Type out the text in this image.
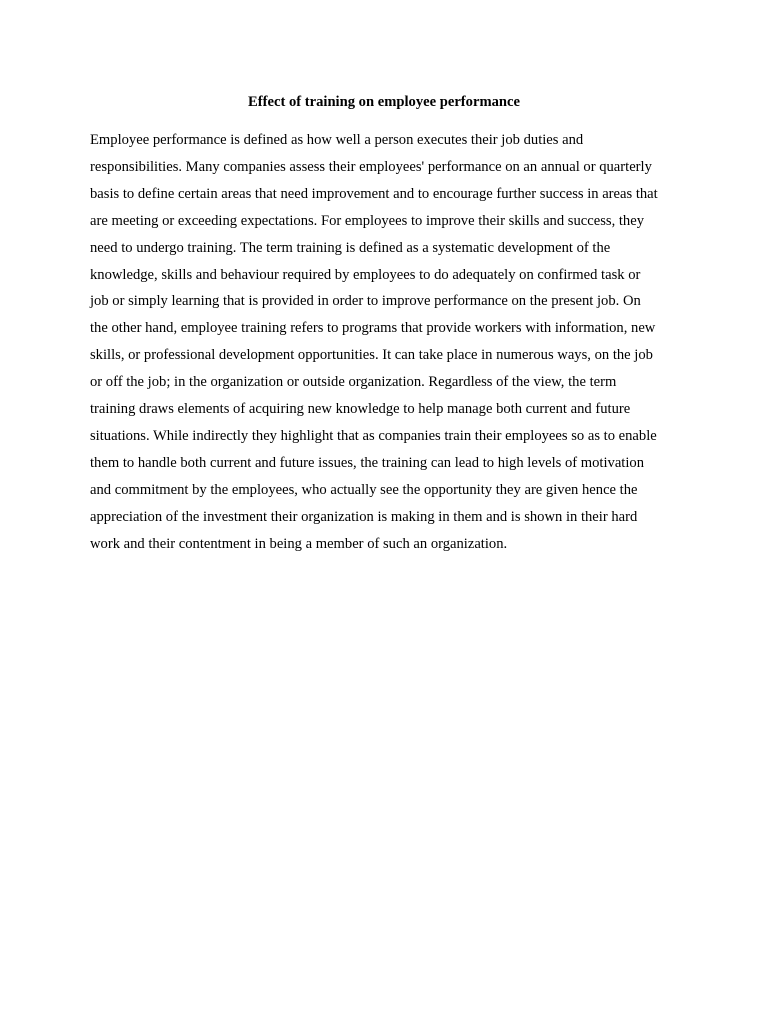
Effect of training on employee performance
Employee performance is defined as how well a person executes their job duties and
responsibilities. Many companies assess their employees' performance on an annual or quarterly
basis to define certain areas that need improvement and to encourage further success in areas that
are meeting or exceeding expectations. For employees to improve their skills and success, they
need to undergo training. The term training is defined as a systematic development of the
knowledge, skills and behaviour required by employees to do adequately on confirmed task or
job or simply learning that is provided in order to improve performance on the present job. On
the other hand, employee training refers to programs that provide workers with information, new
skills, or professional development opportunities. It can take place in numerous ways, on the job
or off the job; in the organization or outside organization. Regardless of the view, the term
training draws elements of acquiring new knowledge to help manage both current and future
situations. While indirectly they highlight that as companies train their employees so as to enable
them to handle both current and future issues, the training can lead to high levels of motivation
and commitment by the employees, who actually see the opportunity they are given hence the
appreciation of the investment their organization is making in them and is shown in their hard
work and their contentment in being a member of such an organization.
